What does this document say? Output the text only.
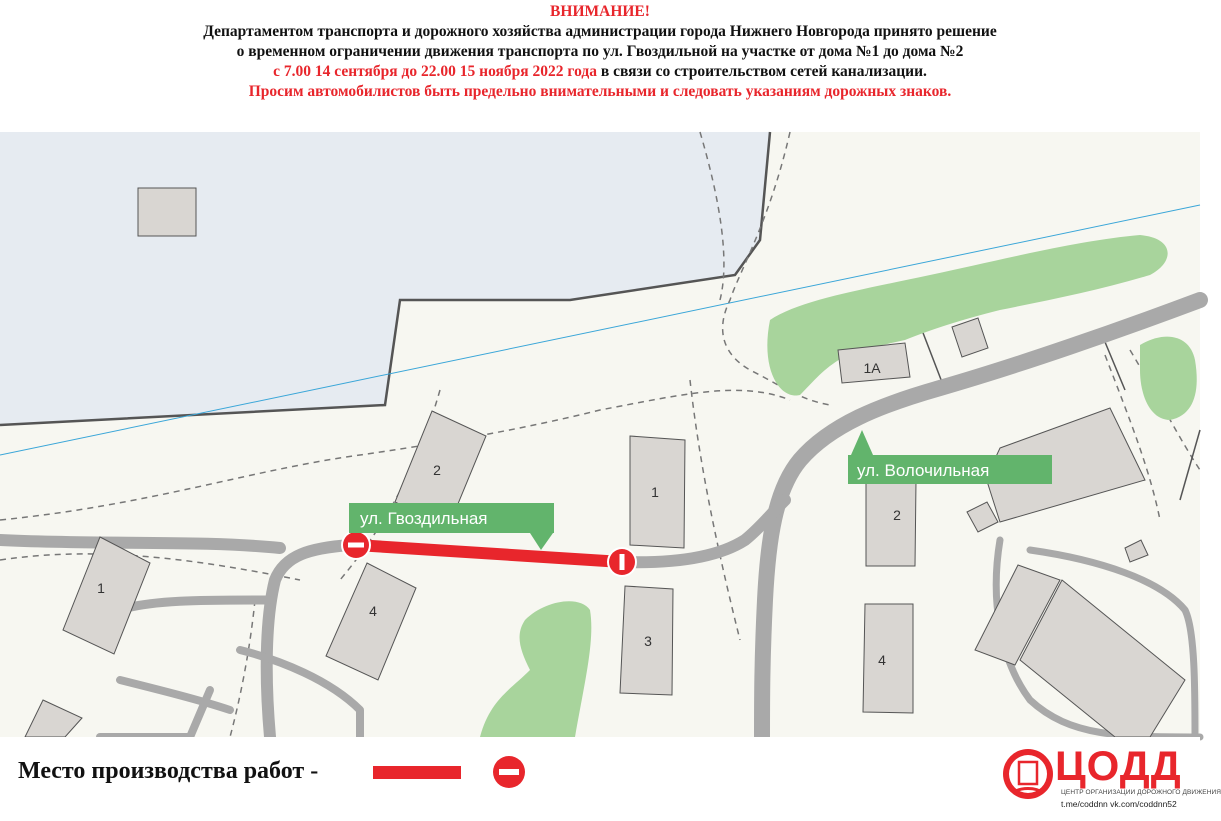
ВНИМАНИЕ!
Департаментом транспорта и дорожного хозяйства администрации города Нижнего Новгорода принято решение
о временном ограничении движения транспорта по ул. Гвоздильной на участке от дома №1 до дома №2
с 7.00 14 сентября до 22.00 15 ноября 2022 года в связи со строительством сетей канализации.
Просим автомобилистов быть предельно внимательными и следовать указаниям дорожных знаков.
1
2
4
1
3
1А
2
4
ул. Гвоздильная
ул. Волочильная
Место производства работ -	ЦОДД
ЦЕНТР ОРГАНИЗАЦИИ ДОРОЖНОГО ДВИЖЕНИЯ
t.me/coddnn vk.com/coddnn52
